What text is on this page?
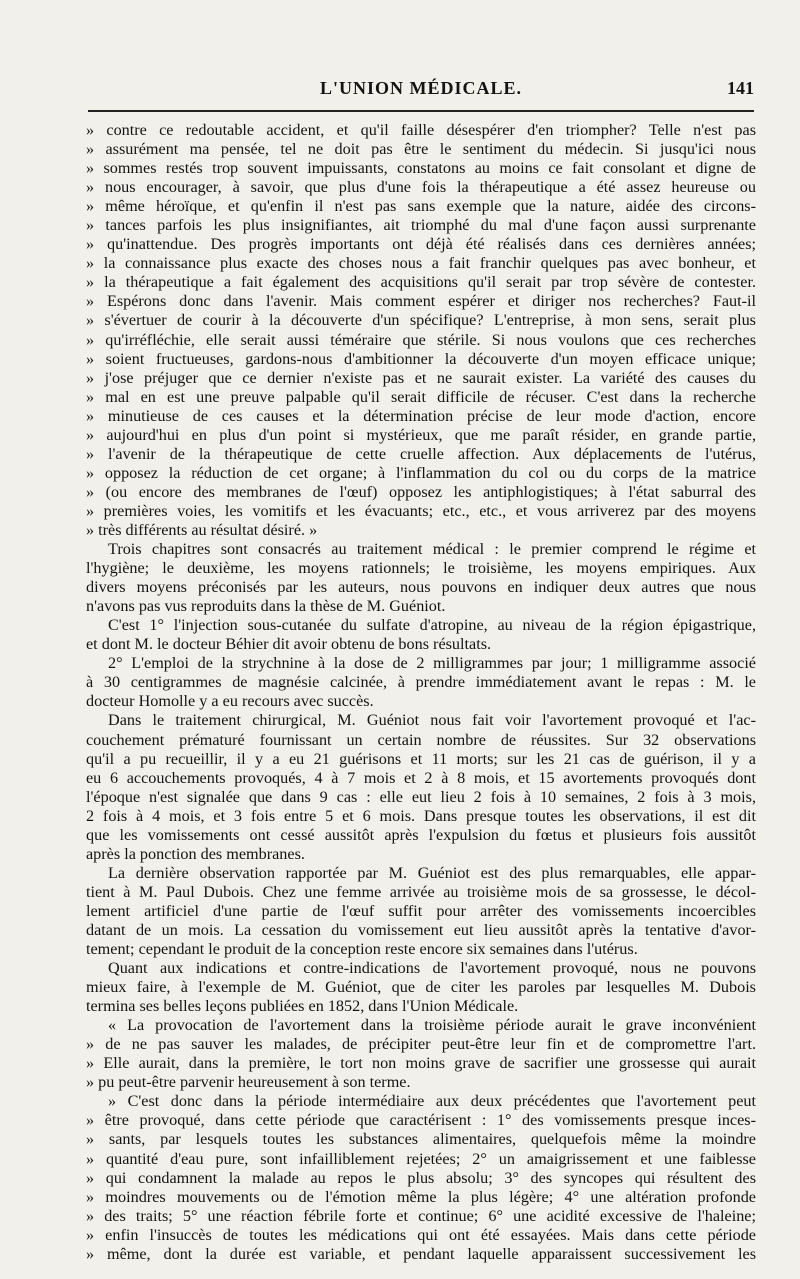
L'UNION MÉDICALE.	141
» contre ce redoutable accident, et qu'il faille désespérer d'en triompher? Telle n'est pas
» assurément ma pensée, tel ne doit pas être le sentiment du médecin. Si jusqu'ici nous
» sommes restés trop souvent impuissants, constatons au moins ce fait consolant et digne de
» nous encourager, à savoir, que plus d'une fois la thérapeutique a été assez heureuse ou
» même héroïque, et qu'enfin il n'est pas sans exemple que la nature, aidée des circons-
» tances parfois les plus insignifiantes, ait triomphé du mal d'une façon aussi surprenante
» qu'inattendue. Des progrès importants ont déjà été réalisés dans ces dernières années;
» la connaissance plus exacte des choses nous a fait franchir quelques pas avec bonheur, et
» la thérapeutique a fait également des acquisitions qu'il serait par trop sévère de contester.
» Espérons donc dans l'avenir. Mais comment espérer et diriger nos recherches? Faut-il
» s'évertuer de courir à la découverte d'un spécifique? L'entreprise, à mon sens, serait plus
» qu'irréfléchie, elle serait aussi téméraire que stérile. Si nous voulons que ces recherches
» soient fructueuses, gardons-nous d'ambitionner la découverte d'un moyen efficace unique;
» j'ose préjuger que ce dernier n'existe pas et ne saurait exister. La variété des causes du
» mal en est une preuve palpable qu'il serait difficile de récuser. C'est dans la recherche
» minutieuse de ces causes et la détermination précise de leur mode d'action, encore
» aujourd'hui en plus d'un point si mystérieux, que me paraît résider, en grande partie,
» l'avenir de la thérapeutique de cette cruelle affection. Aux déplacements de l'utérus,
» opposez la réduction de cet organe; à l'inflammation du col ou du corps de la matrice
» (ou encore des membranes de l'œuf) opposez les antiphlogistiques; à l'état saburral des
» premières voies, les vomitifs et les évacuants; etc., etc., et vous arriverez par des moyens
» très différents au résultat désiré. »
Trois chapitres sont consacrés au traitement médical : le premier comprend le régime et
l'hygiène; le deuxième, les moyens rationnels; le troisième, les moyens empiriques. Aux
divers moyens préconisés par les auteurs, nous pouvons en indiquer deux autres que nous
n'avons pas vus reproduits dans la thèse de M. Guéniot.
C'est 1° l'injection sous-cutanée du sulfate d'atropine, au niveau de la région épigastrique,
et dont M. le docteur Béhier dit avoir obtenu de bons résultats.
2° L'emploi de la strychnine à la dose de 2 milligrammes par jour; 1 milligramme associé
à 30 centigrammes de magnésie calcinée, à prendre immédiatement avant le repas : M. le
docteur Homolle y a eu recours avec succès.
Dans le traitement chirurgical, M. Guéniot nous fait voir l'avortement provoqué et l'ac-
couchement prématuré fournissant un certain nombre de réussites. Sur 32 observations
qu'il a pu recueillir, il y a eu 21 guérisons et 11 morts; sur les 21 cas de guérison, il y a
eu 6 accouchements provoqués, 4 à 7 mois et 2 à 8 mois, et 15 avortements provoqués dont
l'époque n'est signalée que dans 9 cas : elle eut lieu 2 fois à 10 semaines, 2 fois à 3 mois,
2 fois à 4 mois, et 3 fois entre 5 et 6 mois. Dans presque toutes les observations, il est dit
que les vomissements ont cessé aussitôt après l'expulsion du fœtus et plusieurs fois aussitôt
après la ponction des membranes.
La dernière observation rapportée par M. Guéniot est des plus remarquables, elle appar-
tient à M. Paul Dubois. Chez une femme arrivée au troisième mois de sa grossesse, le décol-
lement artificiel d'une partie de l'œuf suffit pour arrêter des vomissements incoercibles
datant de un mois. La cessation du vomissement eut lieu aussitôt après la tentative d'avor-
tement; cependant le produit de la conception reste encore six semaines dans l'utérus.
Quant aux indications et contre-indications de l'avortement provoqué, nous ne pouvons
mieux faire, à l'exemple de M. Guéniot, que de citer les paroles par lesquelles M. Dubois
termina ses belles leçons publiées en 1852, dans l'Union Médicale.
« La provocation de l'avortement dans la troisième période aurait le grave inconvénient
» de ne pas sauver les malades, de précipiter peut-être leur fin et de compromettre l'art.
» Elle aurait, dans la première, le tort non moins grave de sacrifier une grossesse qui aurait
» pu peut-être parvenir heureusement à son terme.
» C'est donc dans la période intermédiaire aux deux précédentes que l'avortement peut
» être provoqué, dans cette période que caractérisent : 1° des vomissements presque inces-
» sants, par lesquels toutes les substances alimentaires, quelquefois même la moindre
» quantité d'eau pure, sont infailliblement rejetées; 2° un amaigrissement et une faiblesse
» qui condamnent la malade au repos le plus absolu; 3° des syncopes qui résultent des
» moindres mouvements ou de l'émotion même la plus légère; 4° une altération profonde
» des traits; 5° une réaction fébrile forte et continue; 6° une acidité excessive de l'haleine;
» enfin l'insuccès de toutes les médications qui ont été essayées. Mais dans cette période
» même, dont la durée est variable, et pendant laquelle apparaissent successivement les
